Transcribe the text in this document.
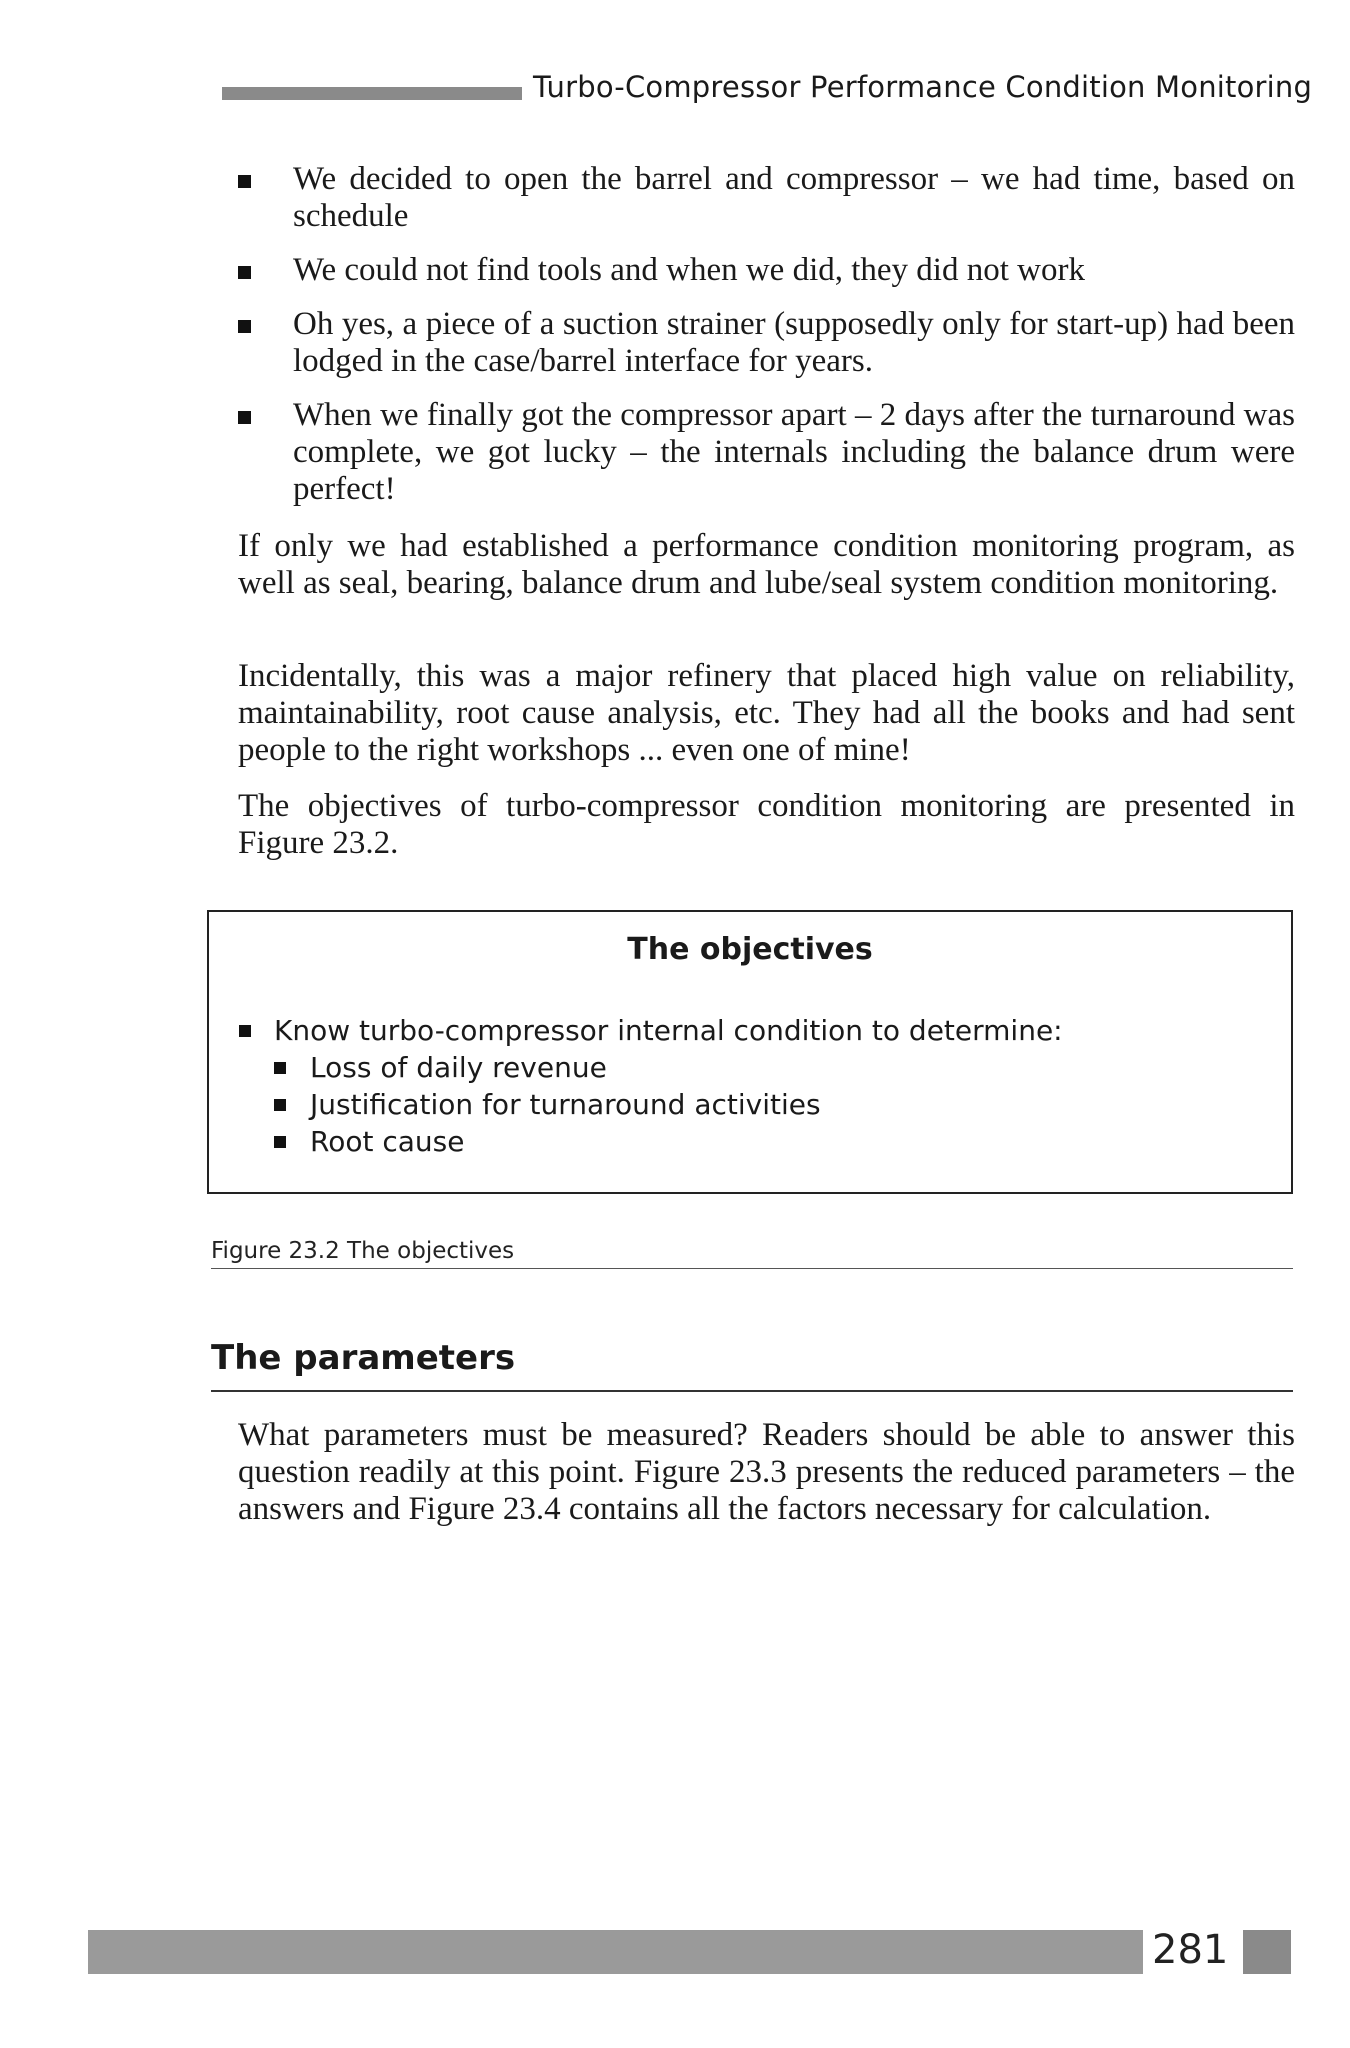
Turbo-Compressor Performance Condition Monitoring
We decided to open the barrel and compressor – we had time, based on schedule
We could not find tools and when we did, they did not work
Oh yes, a piece of a suction strainer (supposedly only for start-up) had been lodged in the case/barrel interface for years.
When we finally got the compressor apart – 2 days after the turnaround was complete, we got lucky – the internals including the balance drum were perfect!

If only we had established a performance condition monitoring program, as well as seal, bearing, balance drum and lube/seal system condition monitoring.

Incidentally, this was a major refinery that placed high value on reliability, maintainability, root cause analysis, etc. They had all the books and had sent people to the right workshops ... even one of mine!

The objectives of turbo-compressor condition monitoring are presented in Figure 23.2.

The objectives
Know turbo-compressor internal condition to determine:
Loss of daily revenue
Justification for turnaround activities
Root cause
Figure 23.2 The objectives
The parameters

What parameters must be measured? Readers should be able to answer this question readily at this point. Figure 23.3 presents the reduced parameters – the answers and Figure 23.4 contains all the factors necessary for calculation.

281
